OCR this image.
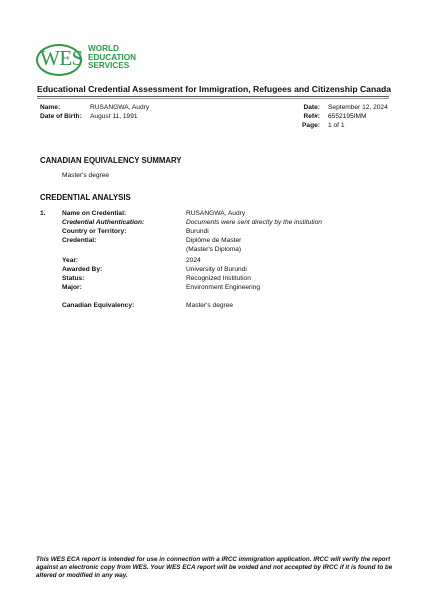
WES WORLD
EDUCATION
SERVICES
Educational Credential Assessment for Immigration, Refugees and Citizenship Canada
Name:	RUSANGWA, Audry
Date of Birth: August 11, 1991
Date: September 12, 2024
Ref#: 6552195IMM
Page: 1 of 1
CANADIAN EQUIVALENCY SUMMARY
Master's degree
CREDENTIAL ANALYSIS
1.	Name on Credential:	RUSANGWA, Audry
Credential Authentication:	Documents were sent directly by the institution
Country or Territory:	Burundi
Credential:	Diplôme de Master
(Master's Diploma)
Year:	2024
Awarded By:	University of Burundi
Status:	Recognized Institution
Major:	Environment Engineering
Canadian Equivalency:	Master's degree
This WES ECA report is intended for use in connection with a IRCC immigration application. IRCC will verify the report against an electronic copy from WES. Your WES ECA report will be voided and not accepted by IRCC if it is found to be altered or modified in any way.
